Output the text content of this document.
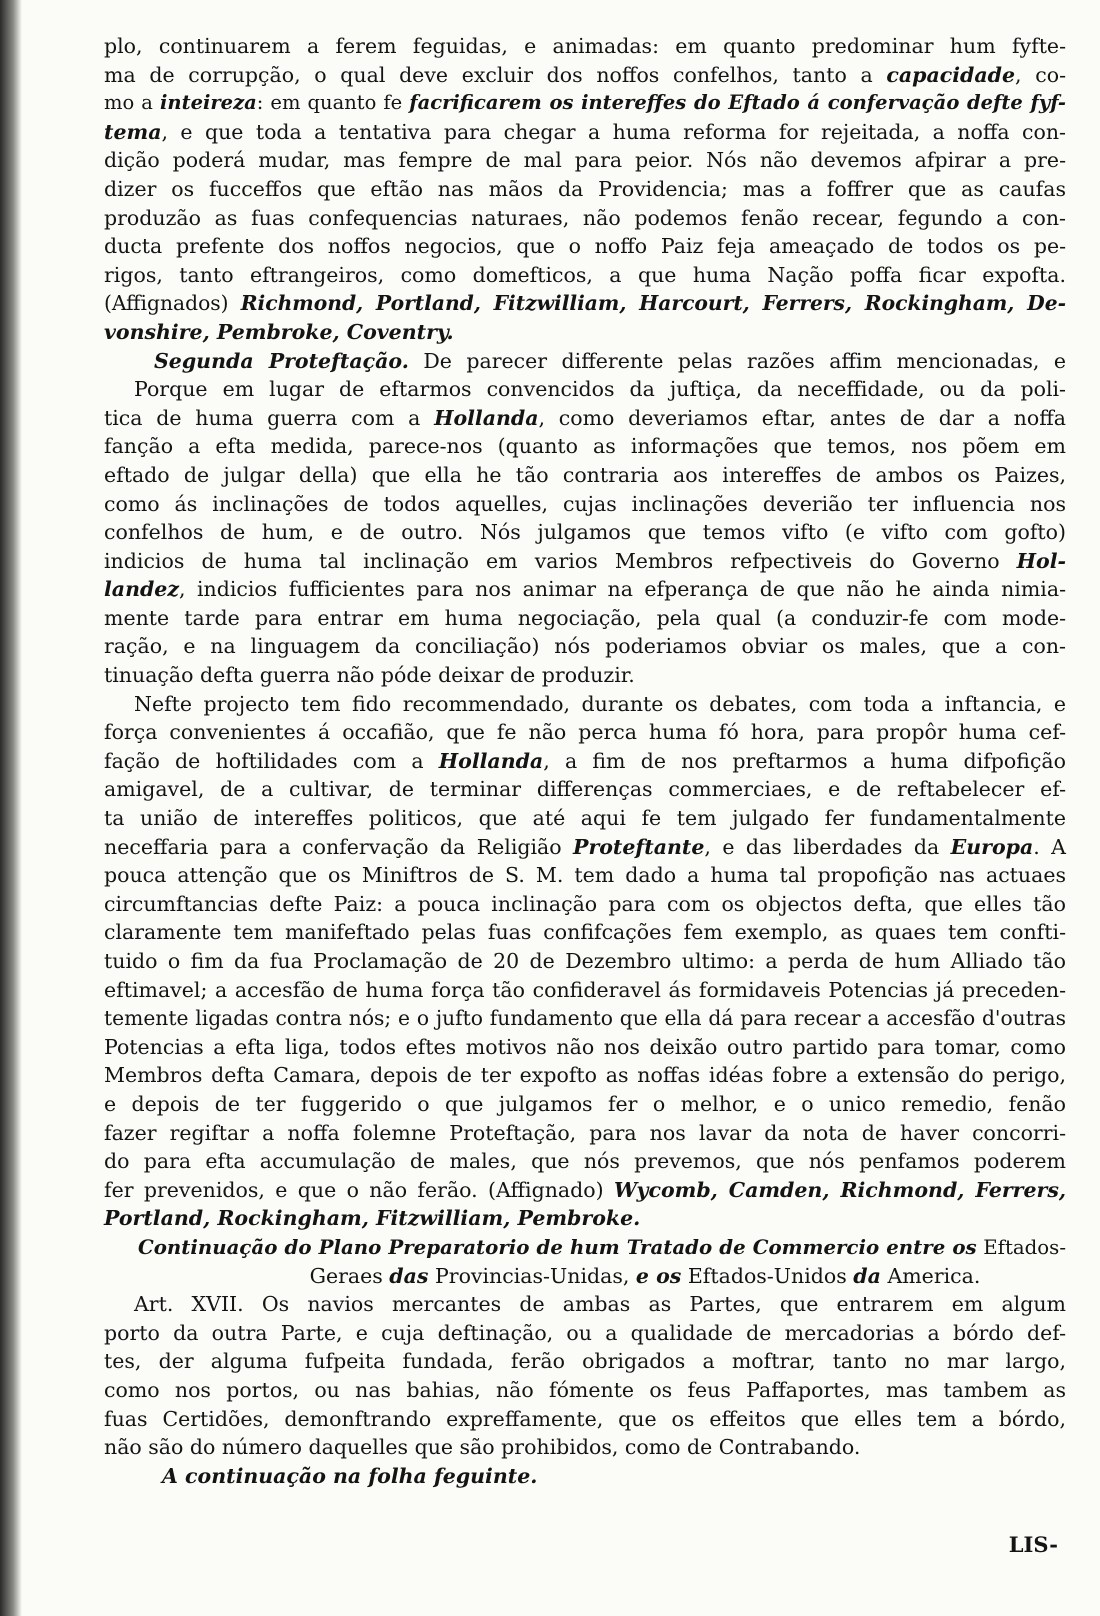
plo, continuarem a ferem feguidas, e animadas: em quanto predominar hum fyfte-
ma de corrupção, o qual deve excluir dos noffos confelhos, tanto a capacidade, co-
mo a inteireza: em quanto fe facrificarem os intereffes do Eftado á confervação defte fyf-
tema, e que toda a tentativa para chegar a huma reforma for rejeitada, a noffa con-
dição poderá mudar, mas fempre de mal para peior. Nós não devemos afpirar a pre-
dizer os fucceffos que eftão nas mãos da Providencia; mas a foffrer que as caufas
produzão as fuas confequencias naturaes, não podemos fenão recear, fegundo a con-
ducta prefente dos noffos negocios, que o noffo Paiz feja ameaçado de todos os pe-
rigos, tanto eftrangeiros, como domefticos, a que huma Nação poffa ficar expofta.
(Affignados) Richmond, Portland, Fitzwilliam, Harcourt, Ferrers, Rockingham, De-
vonshire, Pembroke, Coventry.
Segunda Proteftação. De parecer differente pelas razões affim mencionadas, e
Porque em lugar de eftarmos convencidos da juftiça, da neceffidade, ou da poli-
tica de huma guerra com a Hollanda, como deveriamos eftar, antes de dar a noffa
fanção a efta medida, parece-nos (quanto as informações que temos, nos põem em
eftado de julgar della) que ella he tão contraria aos intereffes de ambos os Paizes,
como ás inclinações de todos aquelles, cujas inclinações deverião ter influencia nos
confelhos de hum, e de outro. Nós julgamos que temos vifto (e vifto com gofto)
indicios de huma tal inclinação em varios Membros refpectiveis do Governo Hol-
landez, indicios fufficientes para nos animar na efperança de que não he ainda nimia-
mente tarde para entrar em huma negociação, pela qual (a conduzir-fe com mode-
ração, e na linguagem da conciliação) nós poderiamos obviar os males, que a con-
tinuação defta guerra não póde deixar de produzir.
Nefte projecto tem fido recommendado, durante os debates, com toda a inftancia, e
força convenientes á occafião, que fe não perca huma fó hora, para propôr huma cef-
fação de hoftilidades com a Hollanda, a fim de nos preftarmos a huma difpofição
amigavel, de a cultivar, de terminar differenças commerciaes, e de reftabelecer ef-
ta união de intereffes politicos, que até aqui fe tem julgado fer fundamentalmente
neceffaria para a confervação da Religião Proteftante, e das liberdades da Europa. A
pouca attenção que os Miniftros de S. M. tem dado a huma tal propofição nas actuaes
circumftancias defte Paiz: a pouca inclinação para com os objectos defta, que elles tão
claramente tem manifeftado pelas fuas confifcações fem exemplo, as quaes tem confti-
tuido o fim da fua Proclamação de 20 de Dezembro ultimo: a perda de hum Alliado tão
eftimavel; a accesfão de huma força tão confideravel ás formidaveis Potencias já preceden-
temente ligadas contra nós; e o jufto fundamento que ella dá para recear a accesfão d'outras
Potencias a efta liga, todos eftes motivos não nos deixão outro partido para tomar, como
Membros defta Camara, depois de ter expofto as noffas idéas fobre a extensão do perigo,
e depois de ter fuggerido o que julgamos fer o melhor, e o unico remedio, fenão
fazer regiftar a noffa folemne Proteftação, para nos lavar da nota de haver concorri-
do para efta accumulação de males, que nós prevemos, que nós penfamos poderem
fer prevenidos, e que o não ferão. (Affignado) Wycomb, Camden, Richmond, Ferrers,
Portland, Rockingham, Fitzwilliam, Pembroke.
Continuação do Plano Preparatorio de hum Tratado de Commercio entre os Eftados-
Geraes das Provincias-Unidas, e os Eftados-Unidos da America.
Art. XVII. Os navios mercantes de ambas as Partes, que entrarem em algum
porto da outra Parte, e cuja deftinação, ou a qualidade de mercadorias a bórdo def-
tes, der alguma fufpeita fundada, ferão obrigados a moftrar, tanto no mar largo,
como nos portos, ou nas bahias, não fómente os feus Paffaportes, mas tambem as
fuas Certidões, demonftrando expreffamente, que os effeitos que elles tem a bórdo,
não são do número daquelles que são prohibidos, como de Contrabando.
A continuação na folha feguinte.
LIS-
